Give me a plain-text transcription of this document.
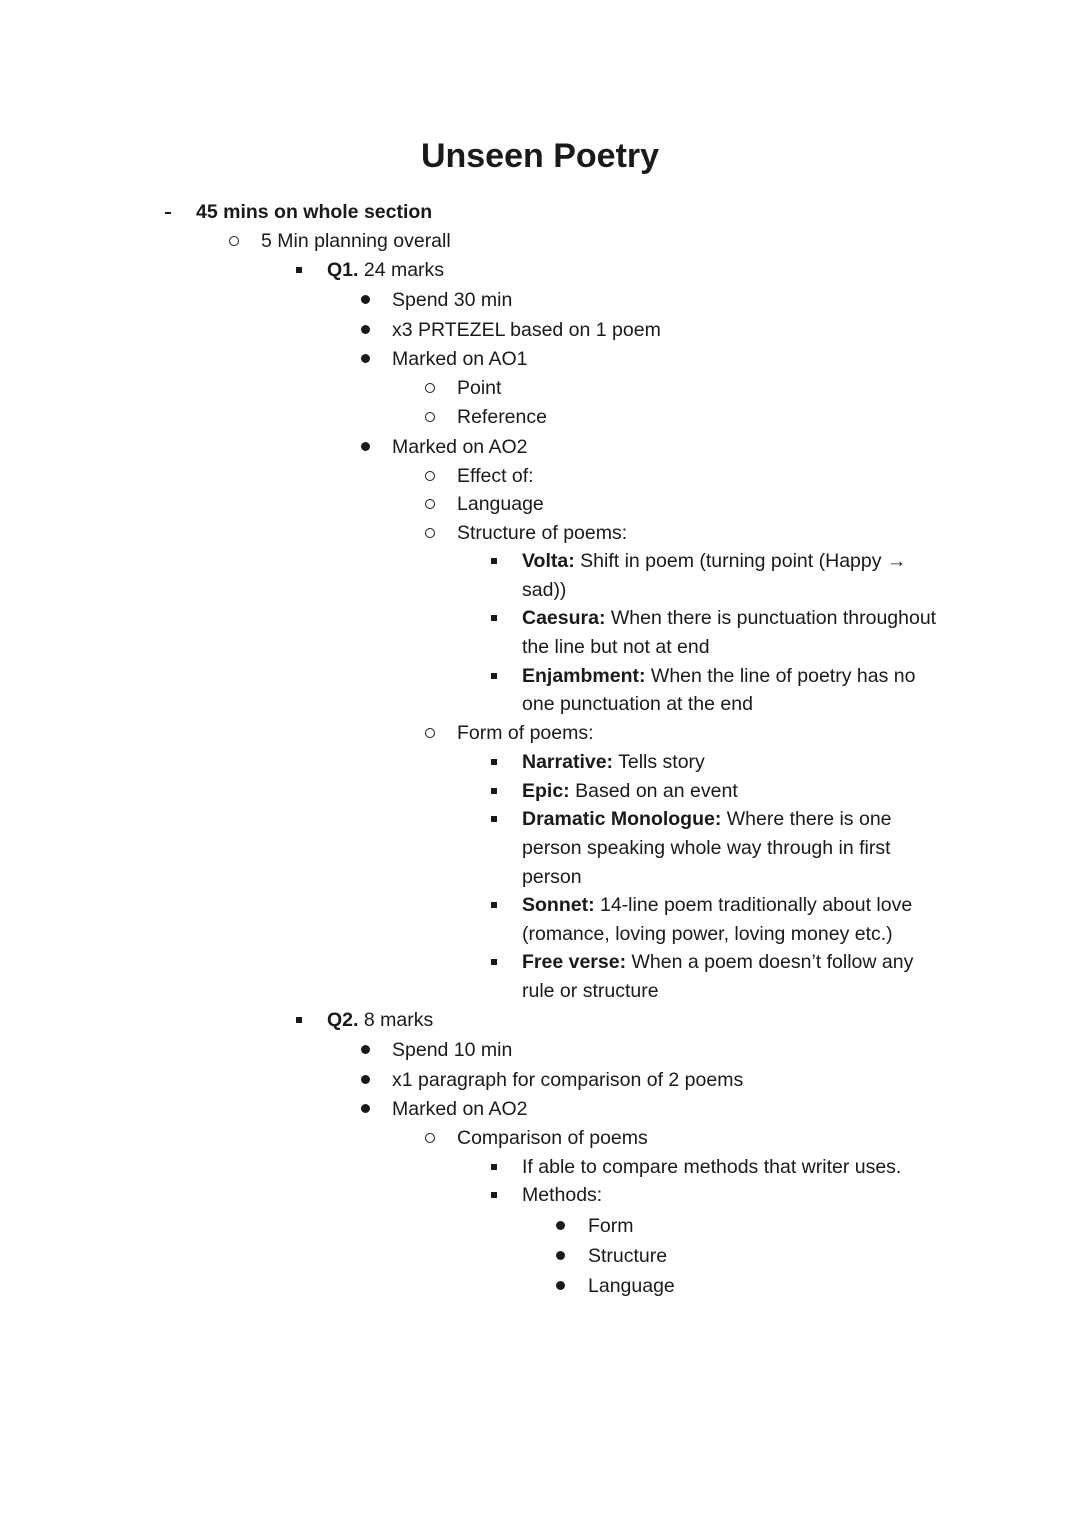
Unseen Poetry
45 mins on whole section
5 Min planning overall
Q1. 24 marks
Spend 30 min
x3 PRTEZEL based on 1 poem
Marked on AO1
Point
Reference
Marked on AO2
Effect of:
Language
Structure of poems:
Volta: Shift in poem (turning point (Happy →
sad))
Caesura: When there is punctuation throughout
the line but not at end
Enjambment: When the line of poetry has no
one punctuation at the end
Form of poems:
Narrative: Tells story
Epic: Based on an event
Dramatic Monologue: Where there is one
person speaking whole way through in first
person
Sonnet: 14-line poem traditionally about love
(romance, loving power, loving money etc.)
Free verse: When a poem doesn’t follow any
rule or structure
Q2. 8 marks
Spend 10 min
x1 paragraph for comparison of 2 poems
Marked on AO2
Comparison of poems
If able to compare methods that writer uses.
Methods:
Form
Structure
Language
